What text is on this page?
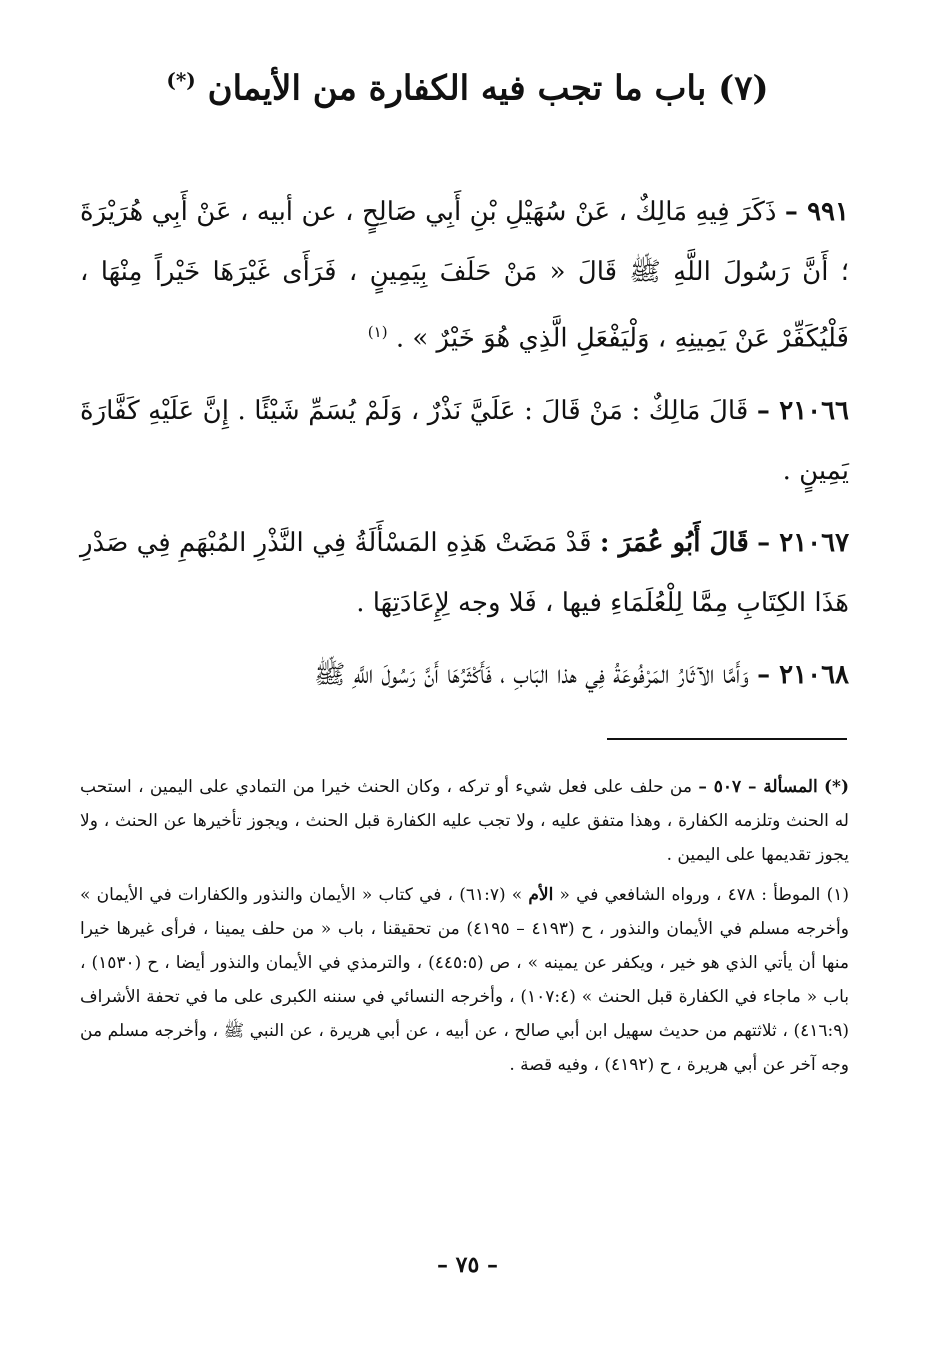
(٧) باب ما تجب فيه الكفارة من الأيمان (*)

٩٩١ – ذَكَرَ فِيهِ مَالِكٌ ، عَنْ سُهَيْلِ بْنِ أَبِي صَالِحٍ ، عن أبيه ، عَنْ أَبِي هُرَيْرَةَ ؛ أَنَّ رَسُولَ اللَّهِ ﷺ قَالَ « مَنْ حَلَفَ بِيَمِينٍ ، فَرَأَى غَيْرَهَا خَيْراً مِنْهَا ، فَلْيُكَفِّرْ عَنْ يَمِينِهِ ، وَلْيَفْعَلِ الَّذِي هُوَ خَيْرٌ » . $^{(١)}$

٢١٠٦٦ – قَالَ مَالِكٌ : مَنْ قَالَ : عَلَيَّ نَذْرٌ ، وَلَمْ يُسَمِّ شَيْئًا . إِنَّ عَلَيْهِ كَفَّارَةَ يَمِينٍ .

٢١٠٦٧ – قَالَ أَبُو عُمَرَ : قَدْ مَضَتْ هَذِهِ المَسْأَلَةُ فِي النَّذْرِ المُبْهَمِ فِي صَدْرِ هَذَا الكِتَابِ مِمَّا لِلْعُلَمَاءِ فيها ، فَلا وجه لِإِعَادَتِهَا .

٢١٠٦٨ – وَأَمَّا الآثَارُ المَرْفُوعَةُ فِي هذا البَابِ ، فَأَكْثَرُهَا أَنَّ رَسُولَ اللَّهِ ﷺ

(*) المسألة – ٥٠٧ – من حلف على فعل شيء أو تركه ، وكان الحنث خيرا من التمادي على اليمين ، استحب له الحنث وتلزمه الكفارة ، وهذا متفق عليه ، ولا تجب عليه الكفارة قبل الحنث ، ويجوز تأخيرها عن الحنث ، ولا يجوز تقديمها على اليمين .

(١) الموطأ : ٤٧٨ ، ورواه الشافعي في « الأم » (٦١:٧) ، في كتاب « الأيمان والنذور والكفارات في الأيمان » وأخرجه مسلم في الأيمان والنذور ، ح (٤١٩٣ – ٤١٩٥) من تحقيقنا ، باب « من حلف يمينا ، فرأى غيرها خيرا منها أن يأتي الذي هو خير ، ويكفر عن يمينه » ، ص (٤٤٥:٥) ، والترمذي في الأيمان والنذور أيضا ، ح (١٥٣٠) ، باب « ماجاء في الكفارة قبل الحنث » (١٠٧:٤) ، وأخرجه النسائي في سننه الكبرى على ما في تحفة الأشراف (٤١٦:٩) ، ثلاثتهم من حديث سهيل ابن أبي صالح ، عن أبيه ، عن أبي هريرة ، عن النبي ﷺ ، وأخرجه مسلم من وجه آخر عن أبي هريرة ، ح (٤١٩٢) ، وفيه قصة .

– ٧٥ –
